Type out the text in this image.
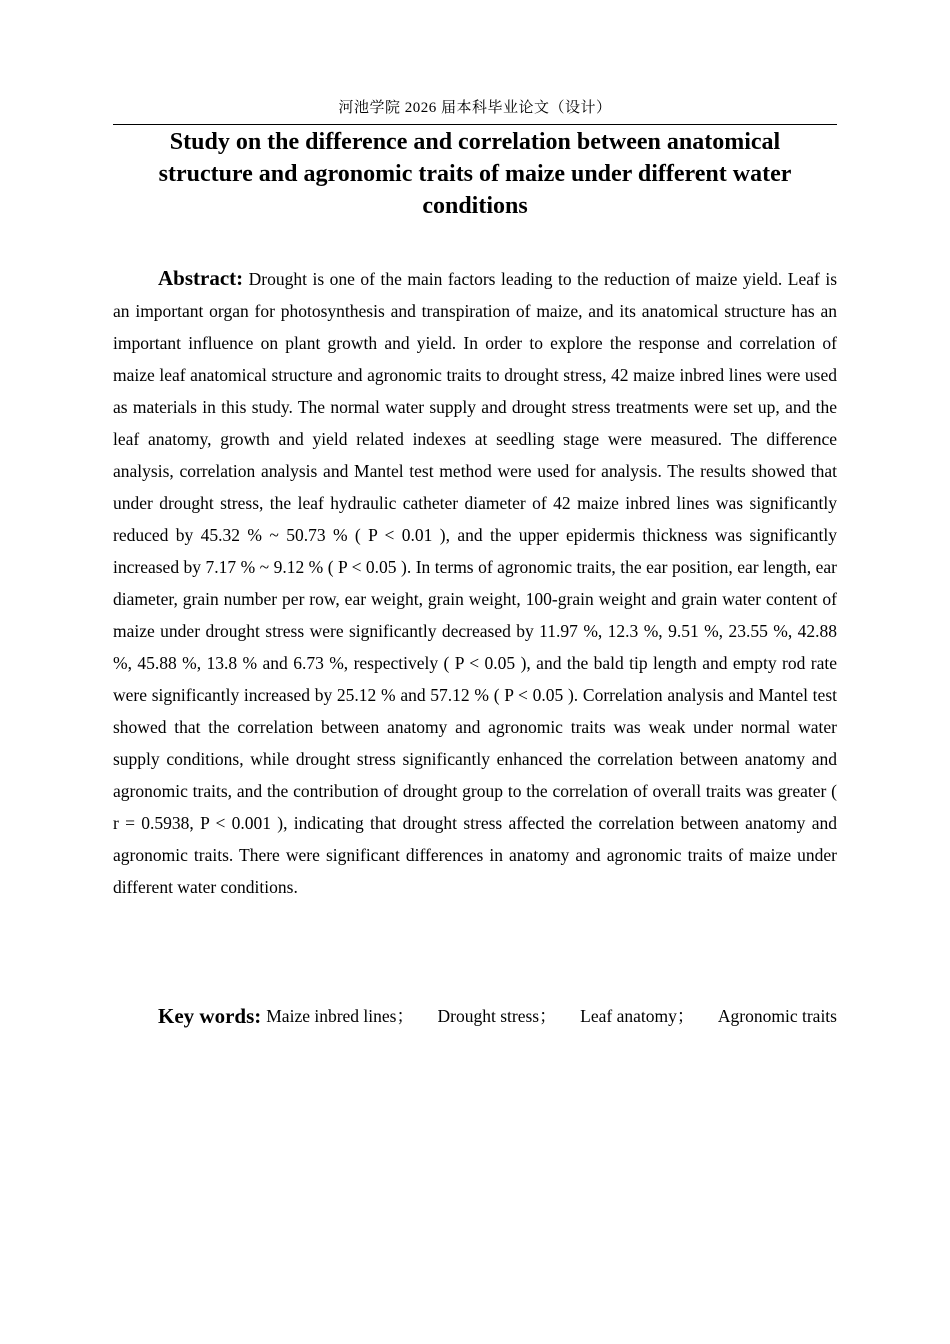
河池学院 2026 届本科毕业论文（设计）
Study on the difference and correlation between anatomical
structure and agronomic traits of maize under different water
conditions

Abstract: Drought is one of the main factors leading to the reduction of maize yield. Leaf is an important organ for photosynthesis and transpiration of maize, and its anatomical structure has an important influence on plant growth and yield. In order to explore the response and correlation of maize leaf anatomical structure and agronomic traits to drought stress, 42 maize inbred lines were used as materials in this study. The normal water supply and drought stress treatments were set up, and the leaf anatomy, growth and yield related indexes at seedling stage were measured. The difference analysis, correlation analysis and Mantel test method were used for analysis. The results showed that under drought stress, the leaf hydraulic catheter diameter of 42 maize inbred lines was significantly reduced by 45.32 % ~ 50.73 % ( P < 0.01 ), and the upper epidermis thickness was significantly increased by 7.17 % ~ 9.12 % ( P < 0.05 ). In terms of agronomic traits, the ear position, ear length, ear diameter, grain number per row, ear weight, grain weight, 100-grain weight and grain water content of maize under drought stress were significantly decreased by 11.97 %, 12.3 %, 9.51 %, 23.55 %, 42.88 %, 45.88 %, 13.8 % and 6.73 %, respectively ( P < 0.05 ), and the bald tip length and empty rod rate were significantly increased by 25.12 % and 57.12 % ( P < 0.05 ). Correlation analysis and Mantel test showed that the correlation between anatomy and agronomic traits was weak under normal water supply conditions, while drought stress significantly enhanced the correlation between anatomy and agronomic traits, and the contribution of drought group to the correlation of overall traits was greater ( r = 0.5938, P < 0.001 ), indicating that drought stress affected the correlation between anatomy and agronomic traits. There were significant differences in anatomy and agronomic traits of maize under different water conditions.

Key words: Maize inbred lines； Drought stress； Leaf anatomy； Agronomic traits
